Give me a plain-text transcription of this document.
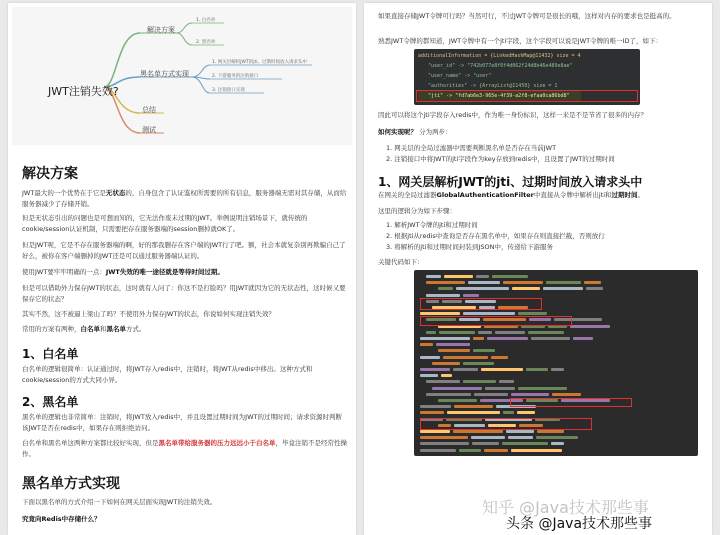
JWT注销失效?
解决方案
黑名单方式实现
总结
测试
1. 白名单
2. 黑名单
1. 网关层解析JWT的jti、过期时间放入请求头中
2. 下游服务的注销接口
3. 注销接口实现
解决方案

JWT最大的一个优势在于它是无状态的，自身包含了认证鉴权所需要的所有信息，服务器端无需对其存储，从而给服务器减少了存储开销。

但是无状态引出的问题也是可想而知的，它无法作废未过期的JWT。举例说明注销场景下，就传统的cookie/session认证机制，只需要把存在服务器端的session删掉就OK了。

但是JWT呢，它是不存在服务器端的啊，好的那我删存在客户端的JWT行了吧。额，社会本就复杂别再欺骗自己了好么，被你在客户端删掉的JWT还是可以通过服务器端认证的。

使用JWT要牢牢明确的一点：JWT失效的唯一途径就是等待时间过期。

但是可以借助外力保存JWT的状态，这时就有人问了：你这不是打脸吗？用JWT就因为它的无状态性，这时候又要保存它的状态？

其实不然，这不被逼上梁山了吗？不使用外力保存JWT的状态，你说如何实现注销失效？

常用的方案有两种，白名单和黑名单方式。

1、白名单

白名单的逻辑很简单：认证通过时，将JWT存入redis中，注销时，将JWT从redis中移出。这种方式和cookie/session的方式大同小异。

2、黑名单

黑名单的逻辑也非常简单：注销时，将JWT放入redis中，并且设置过期时间为JWT的过期时间；请求资源时判断该JWT是否在redis中，如果存在则拒绝访问。

白名单和黑名单这两种方案都比较好实现，但是黑名单带给服务器的压力远远小于白名单，毕竟注销不是经常性操作。

黑名单方式实现

下面以黑名单的方式介绍一下如何在网关层面实现JWT的注销失效。

究竟向Redis中存储什么？

如果直接存储JWT令牌可行吗？当然可行，不过JWT令牌可是很长的哦，这样对内存的要求也是挺高的。

熟悉JWT令牌的都知道，JWT令牌中有一个jti字段，这个字段可以说是JWT令牌的唯一ID了，如下：

additionalInformation = {LinkedHashMap@11432} size = 4
"user_id" -> "742b077e8f0f4d062f24d8b46e489e8ae"
"user_name" -> "user"
"authorities" -> {ArrayList@11450} size = 1
"jti" -> "fd7ab6e3-965e-4f39-a2f8-efaa0ca86bd8"

因此可以将这个jti字段存入redis中，作为唯一身份标识，这样一来是不是节省了很多的内存？

如何实现呢？ 分为两步：

1. 网关层的全局过滤器中需要判断黑名单是否存在当前JWT

2. 注销接口中将JWT的jti字段作为key存放到redis中，且设置了JWT的过期时间

1、网关层解析JWT的jti、过期时间放入请求头中

在网关的全局过滤器GlobalAuthenticationFilter中直接从令牌中解析出jti和过期时间。

这里的逻辑分为如下步骤：

1. 解析JWT令牌的jti和过期时间

2. 根据jti从redis中查询是否存在黑名单中，如果存在则直接拦截，否则放行

3. 将解析的jti和过期时间封装到JSON中，传递给下游服务

关键代码如下：

知乎 @Java技术那些事
头条 @Java技术那些事
